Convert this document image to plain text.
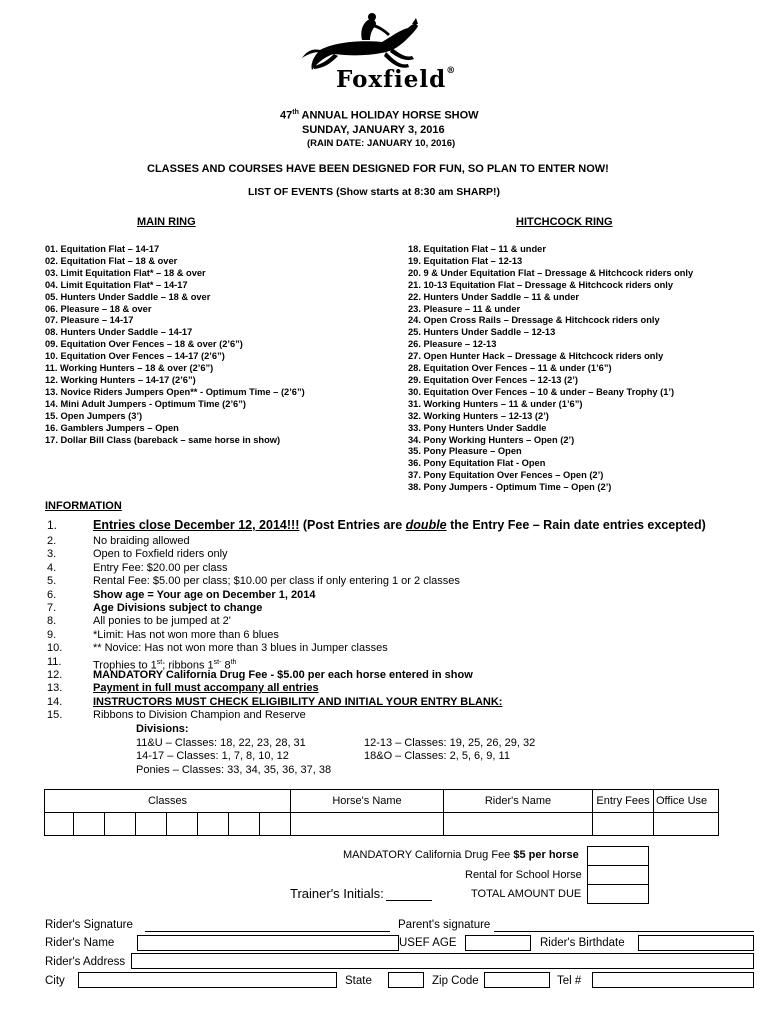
Foxfield®
47th ANNUAL HOLIDAY HORSE SHOW
SUNDAY, JANUARY 3, 2016
(RAIN DATE: JANUARY 10, 2016)
CLASSES AND COURSES HAVE BEEN DESIGNED FOR FUN, SO PLAN TO ENTER NOW!
LIST OF EVENTS (Show starts at 8:30 am SHARP!)
MAIN RING	HITCHCOCK RING
01. Equitation Flat – 14-17
02. Equitation Flat – 18 & over
03. Limit Equitation Flat* – 18 & over
04. Limit Equitation Flat* – 14-17
05. Hunters Under Saddle – 18 & over
06. Pleasure – 18 & over
07. Pleasure – 14-17
08. Hunters Under Saddle – 14-17
09. Equitation Over Fences – 18 & over (2’6”)
10. Equitation Over Fences – 14-17 (2’6”)
11. Working Hunters – 18 & over (2’6”)
12. Working Hunters – 14-17 (2’6”)
13. Novice Riders Jumpers Open** - Optimum Time – (2’6”)
14. Mini Adult Jumpers - Optimum Time (2’6”)
15. Open Jumpers (3’)
16. Gamblers Jumpers – Open
17. Dollar Bill Class (bareback – same horse in show)
18. Equitation Flat – 11 & under
19. Equitation Flat – 12-13
20. 9 & Under Equitation Flat – Dressage & Hitchcock riders only
21. 10-13 Equitation Flat – Dressage & Hitchcock riders only
22. Hunters Under Saddle – 11 & under
23. Pleasure – 11 & under
24. Open Cross Rails – Dressage & Hitchcock riders only
25. Hunters Under Saddle – 12-13
26. Pleasure – 12-13
27. Open Hunter Hack – Dressage & Hitchcock riders only
28. Equitation Over Fences – 11 & under (1’6”)
29. Equitation Over Fences – 12-13 (2’)
30. Equitation Over Fences – 10 & under – Beany Trophy (1’)
31. Working Hunters – 11 & under (1’6”)
32. Working Hunters – 12-13 (2’)
33. Pony Hunters Under Saddle
34. Pony Working Hunters – Open (2’)
35. Pony Pleasure – Open
36. Pony Equitation Flat - Open
37. Pony Equitation Over Fences – Open (2’)
38. Pony Jumpers - Optimum Time – Open (2’)
INFORMATION
1.	Entries close December 12, 2014!!! (Post Entries are double the Entry Fee – Rain date entries excepted)
2.	No braiding allowed
3.	Open to Foxfield riders only
4.	Entry Fee: $20.00 per class
5.	Rental Fee: $5.00 per class; $10.00 per class if only entering 1 or 2 classes
6.	Show age = Your age on December 1, 2014
7.	Age Divisions subject to change
8.	All ponies to be jumped at 2'
9.	*Limit: Has not won more than 6 blues
10.	** Novice: Has not won more than 3 blues in Jumper classes
11.	Trophies to 1st; ribbons $1^{st-}$ 8th
12.	MANDATORY California Drug Fee - $5.00 per each horse entered in show
13.	Payment in full must accompany all entries
14.	INSTRUCTORS MUST CHECK ELIGIBILITY AND INITIAL YOUR ENTRY BLANK:
15.	Ribbons to Division Champion and Reserve
Divisions:
11&U – Classes: 18, 22, 23, 28, 31	12-13 – Classes: 19, 25, 26, 29, 32
14-17 – Classes: 1, 7, 8, 10, 12	18&O – Classes: 2, 5, 6, 9, 11
Ponies – Classes: 33, 34, 35, 36, 37, 38
Classes								Horse's Name	Rider's Name	Entry Fees	Office Use

MANDATORY California Drug Fee $5 per horse
Rental for School Horse
Trainer's Initials:	TOTAL AMOUNT DUE
Rider's Signature	Parent's signature
Rider's Name	USEF AGE	Rider's Birthdate
Rider's Address
City	State	Zip Code	Tel #
